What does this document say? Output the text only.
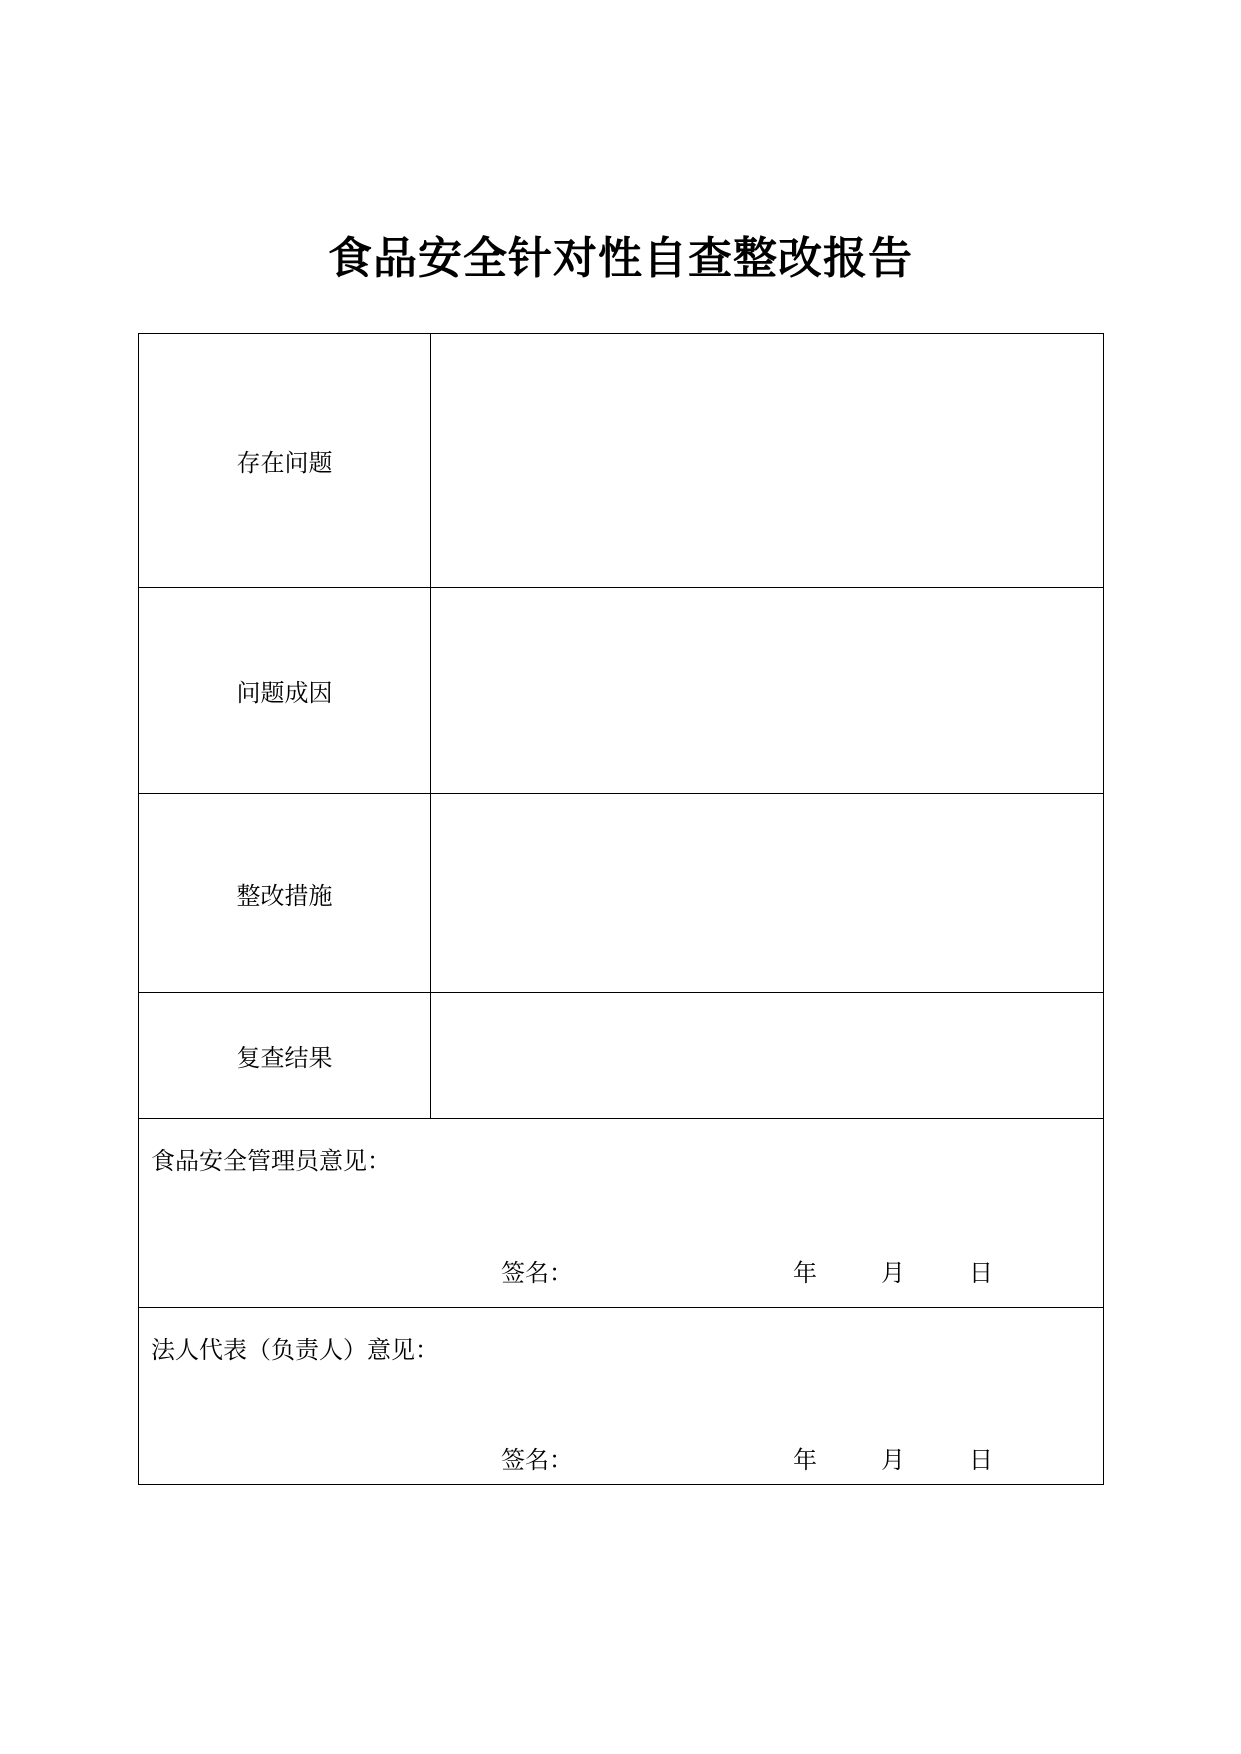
食品安全针对性自查整改报告
存在问题
问题成因
整改措施
复查结果
食品安全管理员意见：
签名：	年	月	日
法人代表（负责人）意见：
签名：	年	月	日
